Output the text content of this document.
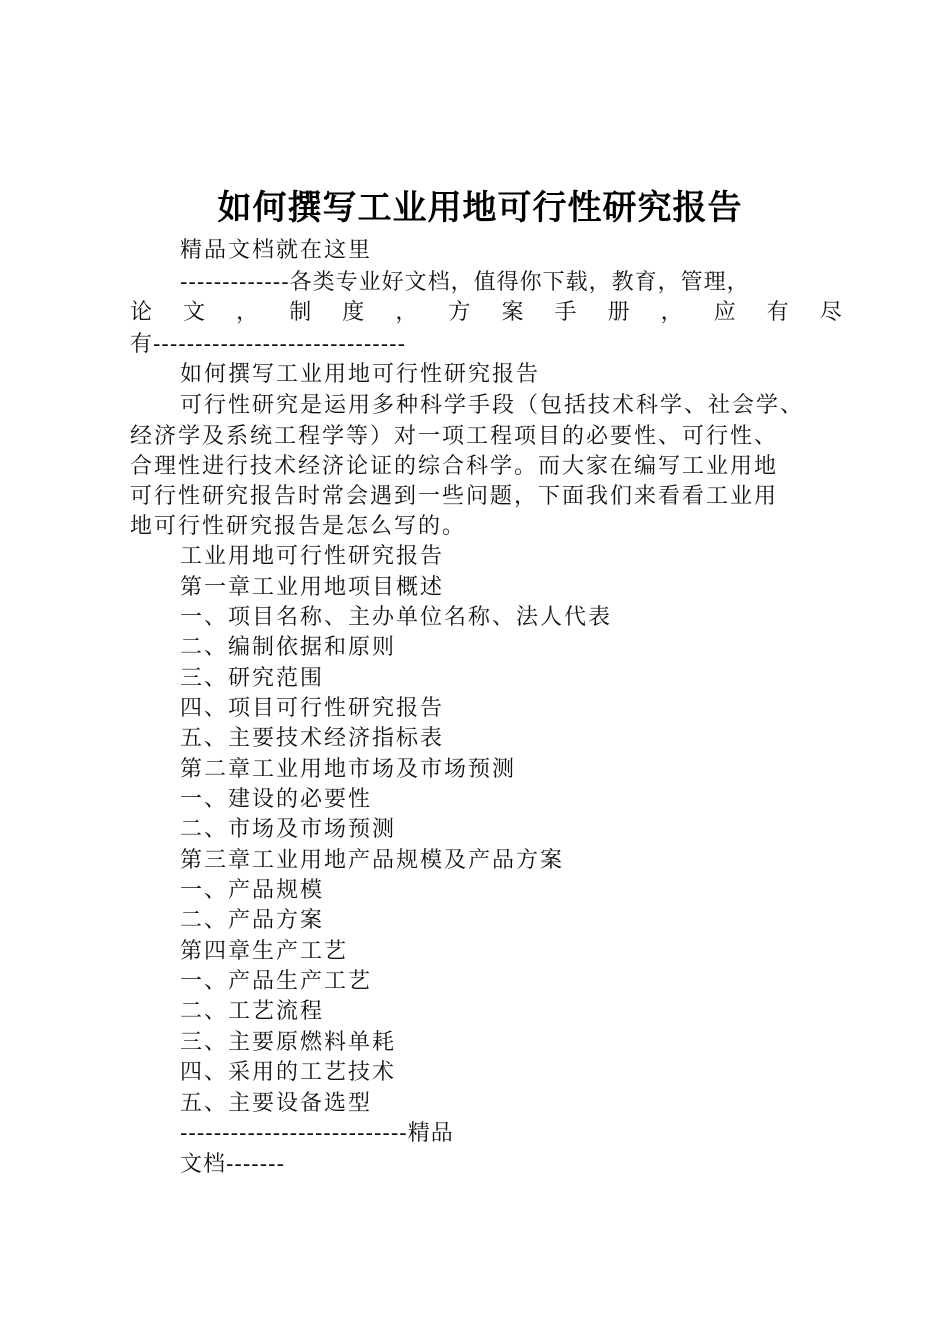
如何撰写工业用地可行性研究报告
精品文档就在这里
-------------各类专业好文档，值得你下载，教育，管理，
论 文 ， 制 度 ， 方 案 手 册 ， 应 有 尽
有------------------------------
如何撰写工业用地可行性研究报告
可行性研究是运用多种科学手段（包括技术科学、社会学、
经济学及系统工程学等）对一项工程项目的必要性、可行性、
合理性进行技术经济论证的综合科学。而大家在编写工业用地
可行性研究报告时常会遇到一些问题，下面我们来看看工业用
地可行性研究报告是怎么写的。
工业用地可行性研究报告
第一章工业用地项目概述
一、项目名称、主办单位名称、法人代表
二、编制依据和原则
三、研究范围
四、项目可行性研究报告
五、主要技术经济指标表
第二章工业用地市场及市场预测
一、建设的必要性
二、市场及市场预测
第三章工业用地产品规模及产品方案
一、产品规模
二、产品方案
第四章生产工艺
一、产品生产工艺
二、工艺流程
三、主要原燃料单耗
四、采用的工艺技术
五、主要设备选型
---------------------------精品
文档-------
